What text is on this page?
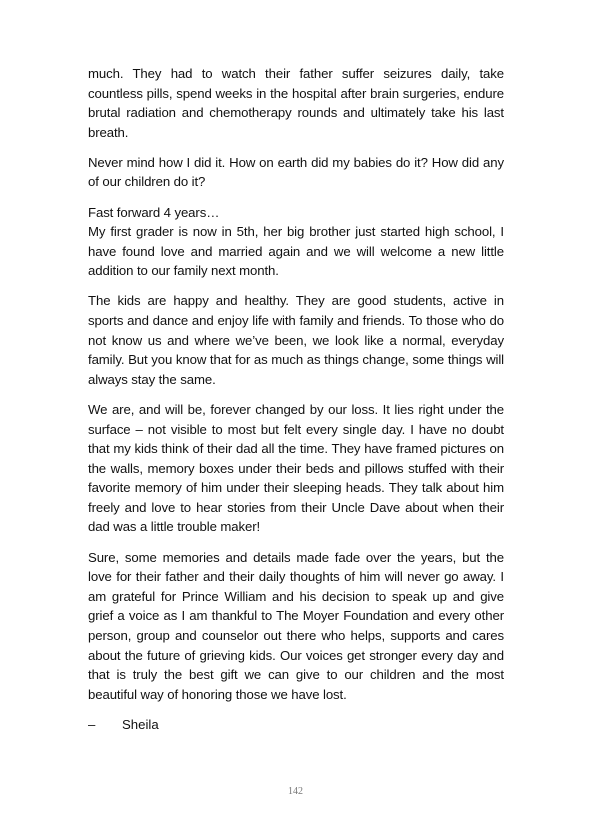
much. They had to watch their father suffer seizures daily, take countless pills, spend weeks in the hospital after brain surgeries, endure brutal radiation and chemotherapy rounds and ultimately take his last breath.

Never mind how I did it. How on earth did my babies do it? How did any of our children do it?

Fast forward 4 years…
My first grader is now in 5th, her big brother just started high school, I have found love and married again and we will welcome a new little addition to our family next month.

The kids are happy and healthy. They are good students, active in sports and dance and enjoy life with family and friends. To those who do not know us and where we’ve been, we look like a normal, everyday family. But you know that for as much as things change, some things will always stay the same.

We are, and will be, forever changed by our loss. It lies right under the surface – not visible to most but felt every single day. I have no doubt that my kids think of their dad all the time. They have framed pictures on the walls, memory boxes under their beds and pillows stuffed with their favorite memory of him under their sleeping heads. They talk about him freely and love to hear stories from their Uncle Dave about when their dad was a little trouble maker!

Sure, some memories and details made fade over the years, but the love for their father and their daily thoughts of him will never go away. I am grateful for Prince William and his decision to speak up and give grief a voice as I am thankful to The Moyer Foundation and every other person, group and counselor out there who helps, supports and cares about the future of grieving kids. Our voices get stronger every day and that is truly the best gift we can give to our children and the most beautiful way of honoring those we have lost.

–	Sheila
142
